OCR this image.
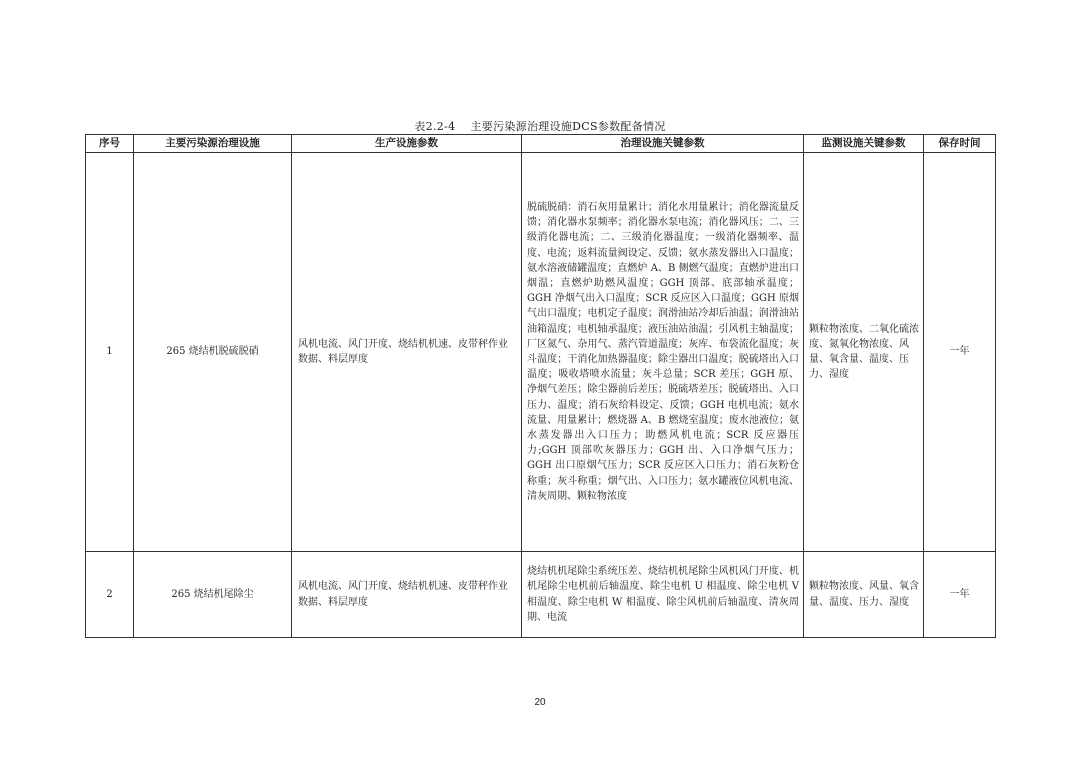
表2.2-4　 主要污染源治理设施DCS参数配备情况
序号	主要污染源治理设施	生产设施参数	治理设施关键参数	监测设施关键参数	保存时间
1	265 烧结机脱硫脱硝	风机电流、风门开度、烧结机机速、皮带秤作业数据、料层厚度	脱硫脱硝：消石灰用量累计；消化水用量累计；消化器流量反馈；消化器水泵频率；消化器水泵电流；消化器风压；二、三级消化器电流；二、三级消化器温度；一级消化器频率、温度、电流；返料流量阀设定、反馈；氨水蒸发器出入口温度；氨水溶液储罐温度；直燃炉 A、B 侧燃气温度；直燃炉进出口烟温；直燃炉助燃风温度；GGH 顶部、底部轴承温度；GGH 净烟气出入口温度；SCR 反应区入口温度；GGH 原烟气出口温度；电机定子温度；润滑油站冷却后油温；润滑油站油箱温度；电机轴承温度；液压油站油温；引风机主轴温度；厂区氮气、杂用气、蒸汽管道温度；灰库、布袋流化温度；灰斗温度；干消化加热器温度；除尘器出口温度；脱硫塔出入口温度；吸收塔喷水流量；灰斗总量；SCR 差压；GGH 原、净烟气差压；除尘器前后差压；脱硫塔差压；脱硫塔出、入口压力、温度；消石灰给料设定、反馈；GGH 电机电流；氨水流量、用量累计；燃烧器 A、B 燃烧室温度；废水池液位；氨水蒸发器出入口压力；助燃风机电流；SCR 反应器压力;GGH 顶部吹灰器压力；GGH 出、入口净烟气压力；GGH 出口原烟气压力；SCR 反应区入口压力；消石灰粉仓称重；灰斗称重；烟气出、入口压力；氨水罐液位风机电流、清灰周期、颗粒物浓度	颗粒物浓度、二氧化硫浓度、氮氧化物浓度、风量、氧含量、温度、压力、湿度	一年
2	265 烧结机尾除尘	风机电流、风门开度、烧结机机速、皮带秤作业数据、料层厚度	烧结机机尾除尘系统压差、烧结机机尾除尘风机风门开度、机机尾除尘电机前后轴温度、除尘电机 U 相温度、除尘电机 V 相温度、除尘电机 W 相温度、除尘风机前后轴温度、清灰周期、电流	颗粒物浓度、风量、氧含量、温度、压力、湿度	一年
20
